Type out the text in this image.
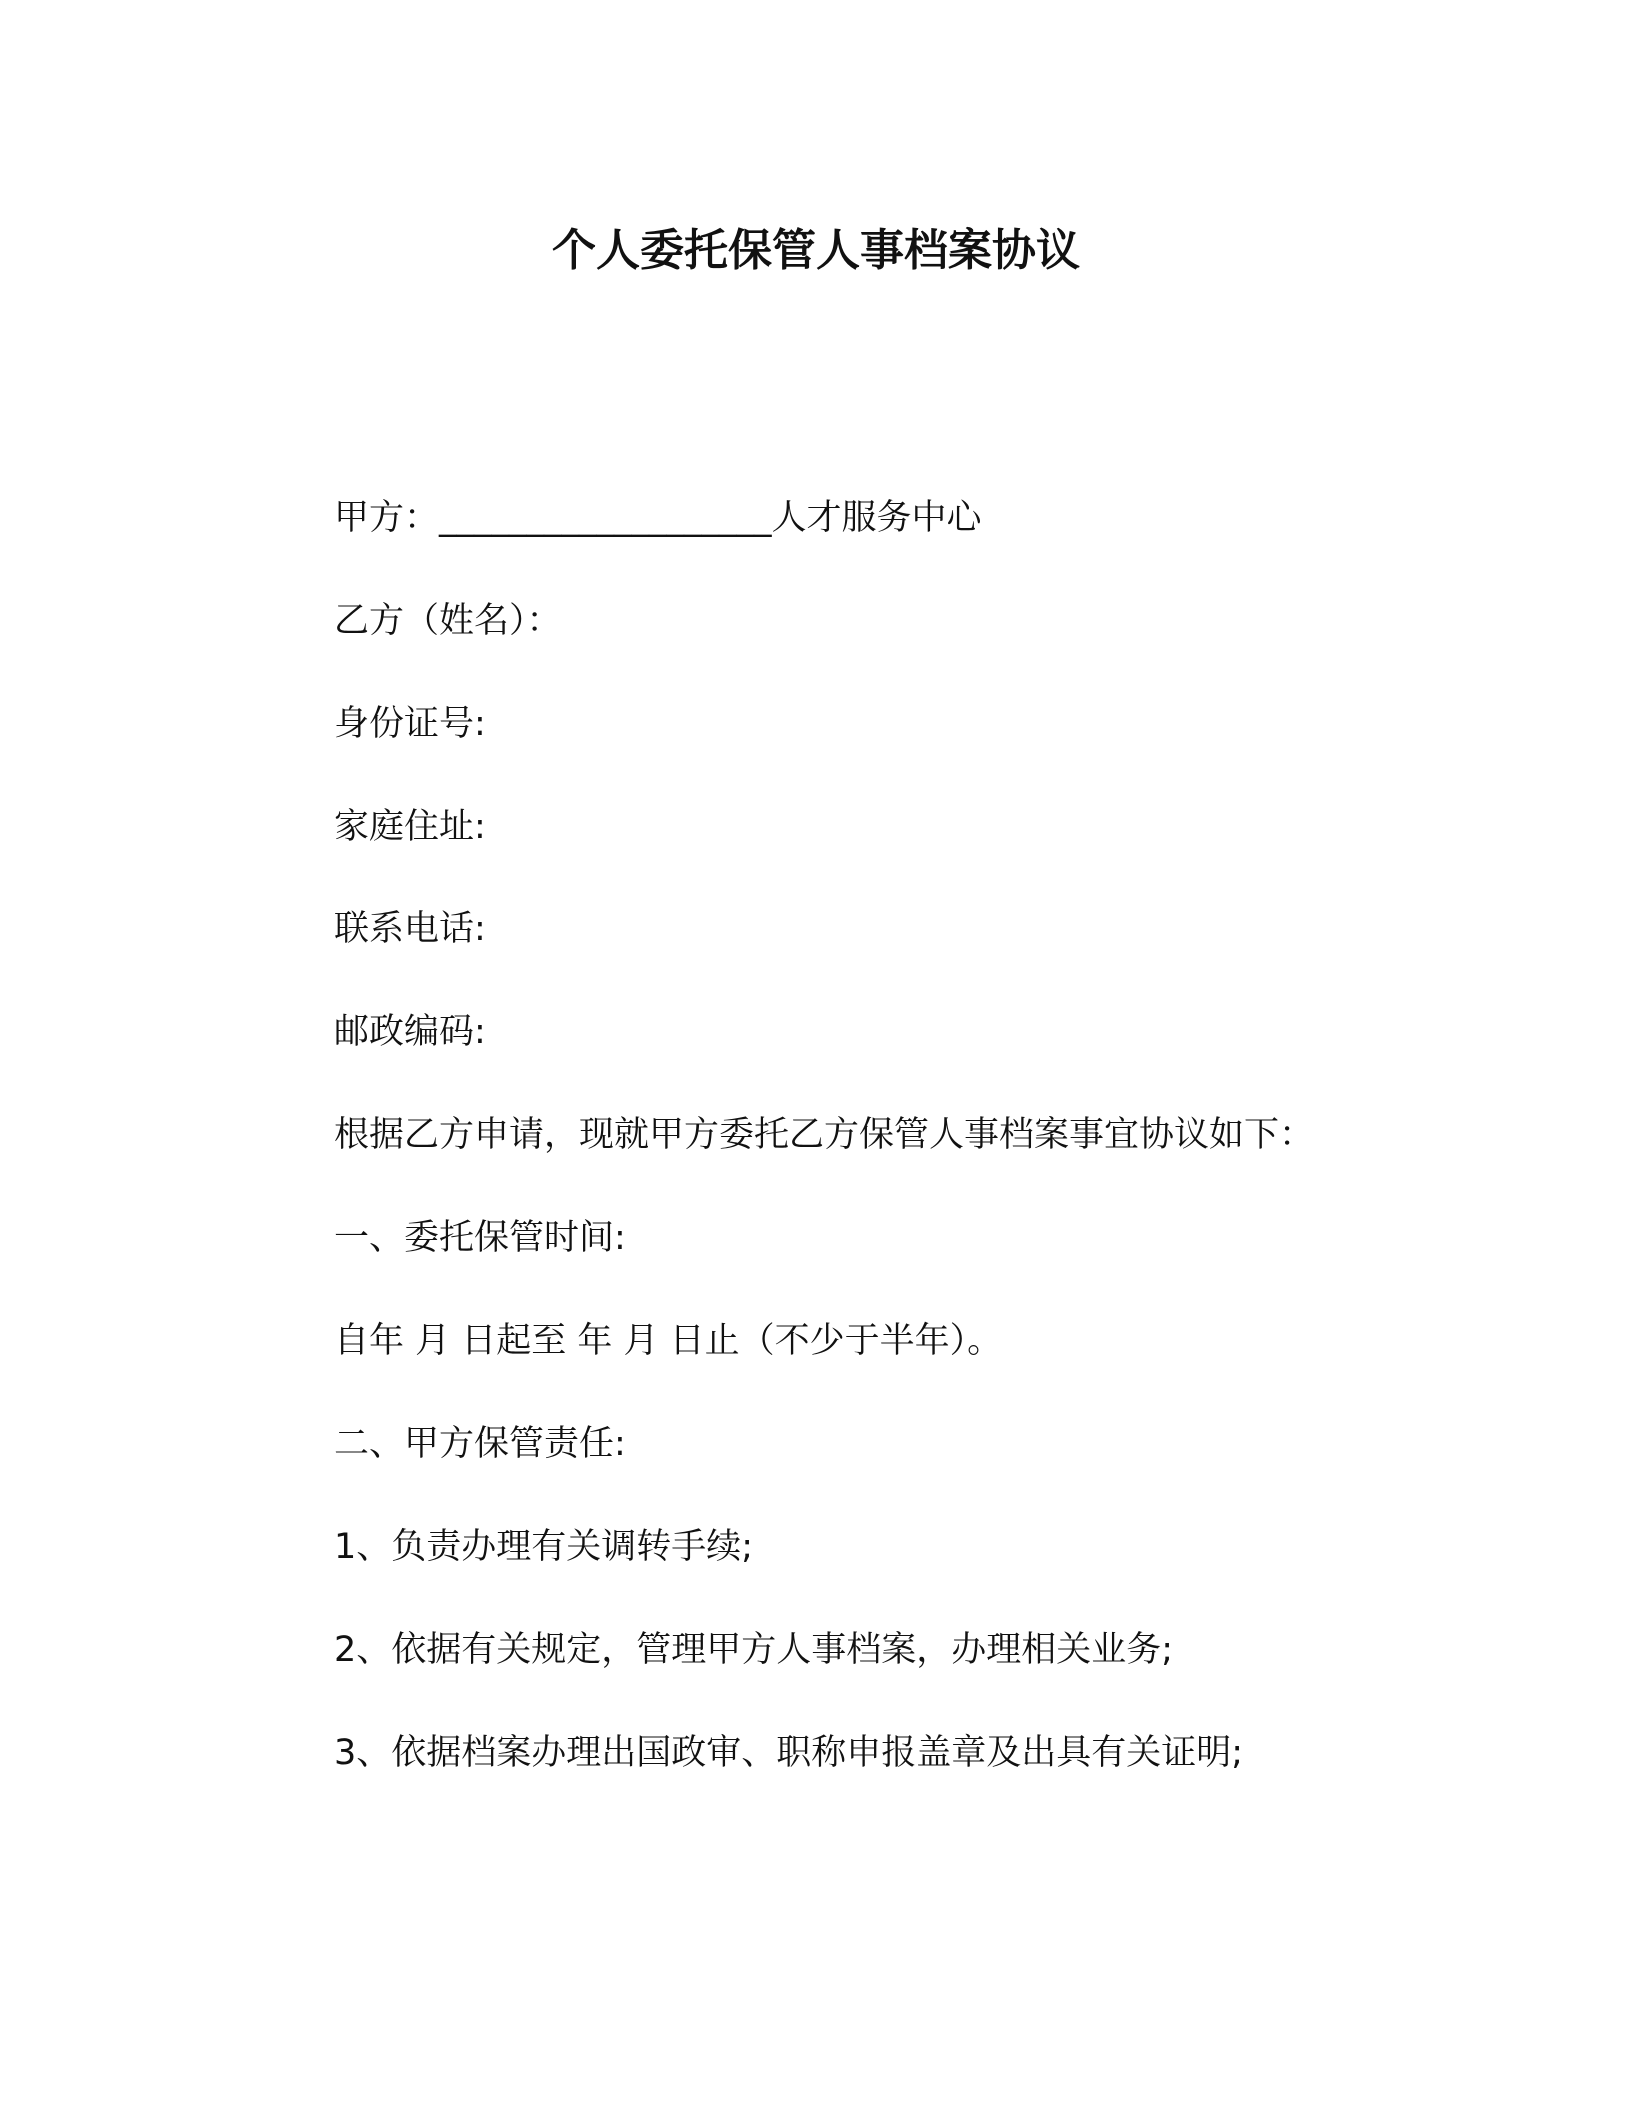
个人委托保管人事档案协议
甲方：___________________人才服务中心
乙方（姓名）：
身份证号:
家庭住址:
联系电话:
邮政编码:
根据乙方申请，现就甲方委托乙方保管人事档案事宜协议如下：
一、委托保管时间:
自年 月 日起至 年 月 日止（不少于半年）。
二、甲方保管责任:
1、负责办理有关调转手续;
2、依据有关规定，管理甲方人事档案，办理相关业务;
3、依据档案办理出国政审、职称申报盖章及出具有关证明;
